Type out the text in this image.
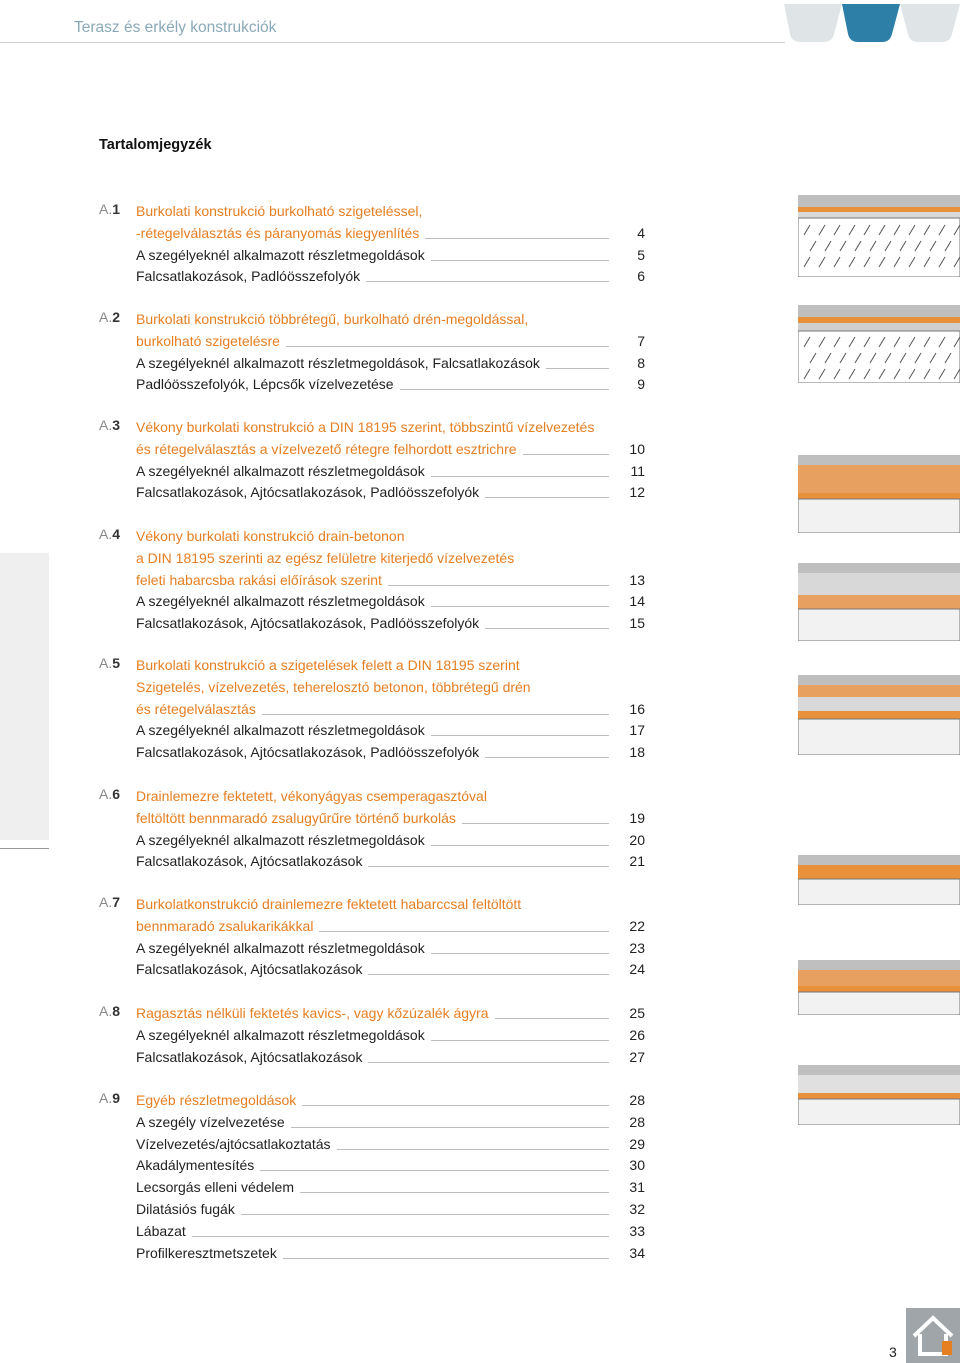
Terasz és erkély konstrukciók
Tartalomjegyzék
A.1 Burkolati konstrukció burkolható szigeteléssel,
-rétegelválasztás és páranyomás kiegyenlítés	4
A szegélyeknél alkalmazott részletmegoldások	5
Falcsatlakozások, Padlóösszefolyók	6
A.2 Burkolati konstrukció többrétegű, burkolható drén-megoldással,
burkolható szigetelésre	7
A szegélyeknél alkalmazott részletmegoldások, Falcsatlakozások	8
Padlóösszefolyók, Lépcsők vízelvezetése	9
A.3 Vékony burkolati konstrukció a DIN 18195 szerint, többszintű vízelvezetés
és rétegelválasztás a vízelvezető rétegre felhordott esztrichre	10
A szegélyeknél alkalmazott részletmegoldások	11
Falcsatlakozások, Ajtócsatlakozások, Padlóösszefolyók	12
A.4 Vékony burkolati konstrukció drain-betonon
a DIN 18195 szerinti az egész felületre kiterjedő vízelvezetés
feleti habarcsba rakási előírások szerint	13
A szegélyeknél alkalmazott részletmegoldások	14
Falcsatlakozások, Ajtócsatlakozások, Padlóösszefolyók	15
A.5 Burkolati konstrukció a szigetelések felett a DIN 18195 szerint
Szigetelés, vízelvezetés, teherelosztó betonon, többrétegű drén
és rétegelválasztás	16
A szegélyeknél alkalmazott részletmegoldások	17
Falcsatlakozások, Ajtócsatlakozások, Padlóösszefolyók	18
A.6 Drainlemezre fektetett, vékonyágyas csemperagasztóval
feltöltött bennmaradó zsalugyűrűre történő burkolás	19
A szegélyeknél alkalmazott részletmegoldások	20
Falcsatlakozások, Ajtócsatlakozások	21
A.7 Burkolatkonstrukció drainlemezre fektetett habarccsal feltöltött
bennmaradó zsalukarikákkal	22
A szegélyeknél alkalmazott részletmegoldások	23
Falcsatlakozások, Ajtócsatlakozások	24
A.8 Ragasztás nélküli fektetés kavics-, vagy kőzúzalék ágyra	25
A szegélyeknél alkalmazott részletmegoldások	26
Falcsatlakozások, Ajtócsatlakozások	27
A.9 Egyéb részletmegoldások	28
A szegély vízelvezetése	28
Vízelvezetés/ajtócsatlakoztatás	29
Akadálymentesítés	30
Lecsorgás elleni védelem	31
Dilatásiós fugák	32
Lábazat	33
Profilkeresztmetszetek	34
3
